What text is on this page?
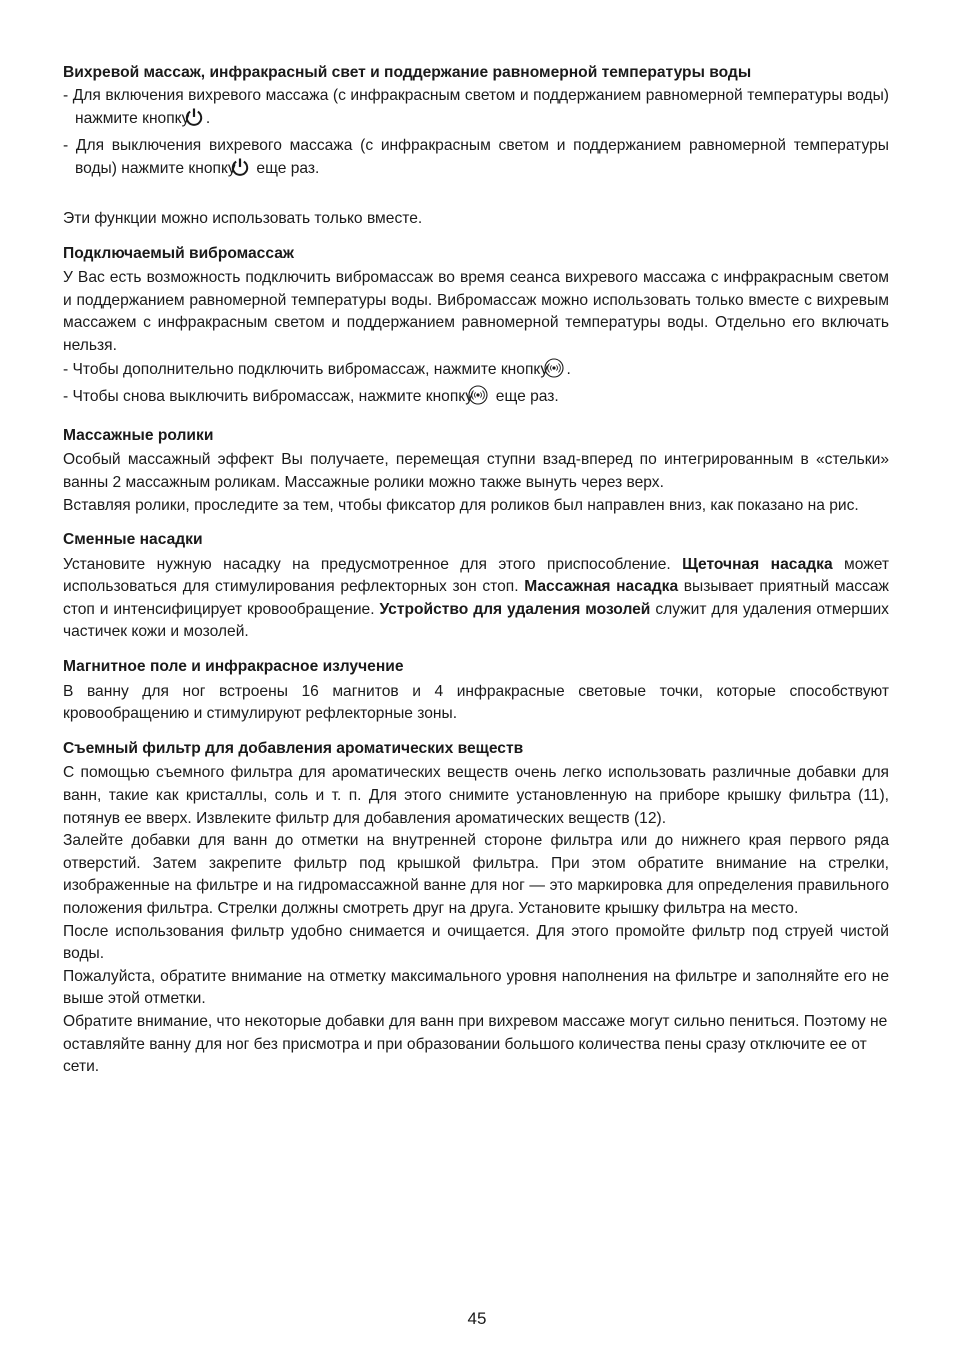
Вихревой массаж, инфракрасный свет и поддержание равномерной температуры воды

- Для включения вихревого массажа (с инфракрасным светом и поддержанием равномерной температуры воды) нажмите кнопку .

- Для выключения вихревого массажа (с инфракрасным светом и поддержанием равномерной температуры воды) нажмите кнопку  еще раз.

Эти функции можно использовать только вместе.

Подключаемый вибромассаж

У Вас есть возможность подключить вибромассаж во время сеанса вихревого массажа с инфракрасным светом и поддержанием равномерной температуры воды. Вибромассаж можно использовать только вместе с вихревым массажем с инфракрасным светом и поддержанием равномерной температуры воды. Отдельно его включать нельзя.

- Чтобы дополнительно подключить вибромассаж, нажмите кнопку .

- Чтобы снова выключить вибромассаж, нажмите кнопку  еще раз.

Массажные ролики

Особый массажный эффект Вы получаете, перемещая ступни взад-вперед по интегрированным в «стельки» ванны 2 массажным роликам. Массажные ролики можно также вынуть через верх.

Вставляя ролики, проследите за тем, чтобы фиксатор для роликов был направлен вниз, как показано на рис.

Сменные насадки

Установите нужную насадку на предусмотренное для этого приспособление. Щеточная насадка может использоваться для стимулирования рефлекторных зон стоп. Массажная насадка вызывает приятный массаж стоп и интенсифицирует кровообращение. Устройство для удаления мозолей служит для удаления отмерших частичек кожи и мозолей.

Магнитное поле и инфракрасное излучение

В ванну для ног встроены 16 магнитов и 4 инфракрасные световые точки, которые способствуют кровообращению и стимулируют рефлекторные зоны.

Съемный фильтр для добавления ароматических веществ

С помощью съемного фильтра для ароматических веществ очень легко использовать различные добавки для ванн, такие как кристаллы, соль и т. п. Для этого снимите установленную на приборе крышку фильтра (11), потянув ее вверх. Извлеките фильтр для добавления ароматических веществ (12).

Залейте добавки для ванн до отметки на внутренней стороне фильтра или до нижнего края первого ряда отверстий. Затем закрепите фильтр под крышкой фильтра. При этом обратите внимание на стрелки, изображенные на фильтре и на гидромассажной ванне для ног — это маркировка для определения правильного положения фильтра. Стрелки должны смотреть друг на друга. Установите крышку фильтра на место.

После использования фильтр удобно снимается и очищается. Для этого промойте фильтр под струей чистой воды.

Пожалуйста, обратите внимание на отметку максимального уровня наполнения на фильтре и заполняйте его не выше этой отметки.

Обратите внимание, что некоторые добавки для ванн при вихревом массаже могут сильно пениться. Поэтому не оставляйте ванну для ног без присмотра и при образовании большого количества пены сразу отключите ее от сети.

45
